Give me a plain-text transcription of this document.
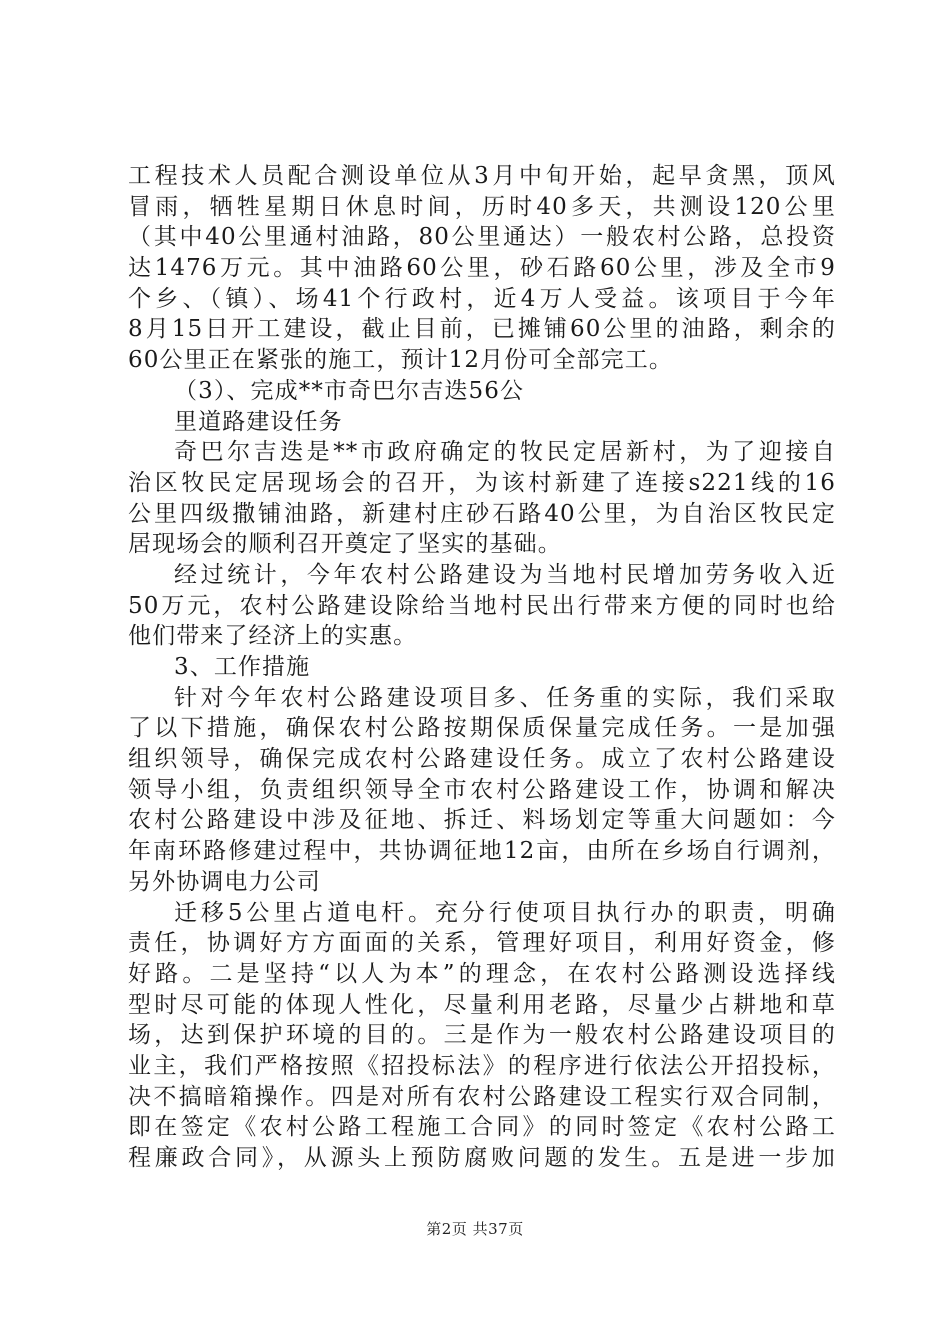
工程技术人员配合测设单位从3月中旬开始，起早贪黑，顶风
冒雨，牺牲星期日休息时间，历时40多天，共测设120公里
（其中40公里通村油路，80公里通达）一般农村公路，总投资
达1476万元。其中油路60公里，砂石路60公里，涉及全市9
个乡、（镇）、场41个行政村，近4万人受益。该项目于今年
8月15日开工建设，截止目前，已摊铺60公里的油路，剩余的
60公里正在紧张的施工，预计12月份可全部完工。
（3）、完成**市奇巴尔吉迭56公
里道路建设任务
奇巴尔吉迭是**市政府确定的牧民定居新村，为了迎接自
治区牧民定居现场会的召开，为该村新建了连接s221线的16
公里四级撒铺油路，新建村庄砂石路40公里，为自治区牧民定
居现场会的顺利召开奠定了坚实的基础。
经过统计，今年农村公路建设为当地村民增加劳务收入近
50万元，农村公路建设除给当地村民出行带来方便的同时也给
他们带来了经济上的实惠。
3、工作措施
针对今年农村公路建设项目多、任务重的实际，我们采取
了以下措施，确保农村公路按期保质保量完成任务。一是加强
组织领导，确保完成农村公路建设任务。成立了农村公路建设
领导小组，负责组织领导全市农村公路建设工作，协调和解决
农村公路建设中涉及征地、拆迁、料场划定等重大问题如：今
年南环路修建过程中，共协调征地12亩，由所在乡场自行调剂，
另外协调电力公司
迁移5公里占道电杆。充分行使项目执行办的职责，明确
责任，协调好方方面面的关系，管理好项目，利用好资金，修
好路。二是坚持“以人为本”的理念，在农村公路测设选择线
型时尽可能的体现人性化，尽量利用老路，尽量少占耕地和草
场，达到保护环境的目的。三是作为一般农村公路建设项目的
业主，我们严格按照《招投标法》的程序进行依法公开招投标，
决不搞暗箱操作。四是对所有农村公路建设工程实行双合同制，
即在签定《农村公路工程施工合同》的同时签定《农村公路工
程廉政合同》，从源头上预防腐败问题的发生。五是进一步加
第2页 共37页
